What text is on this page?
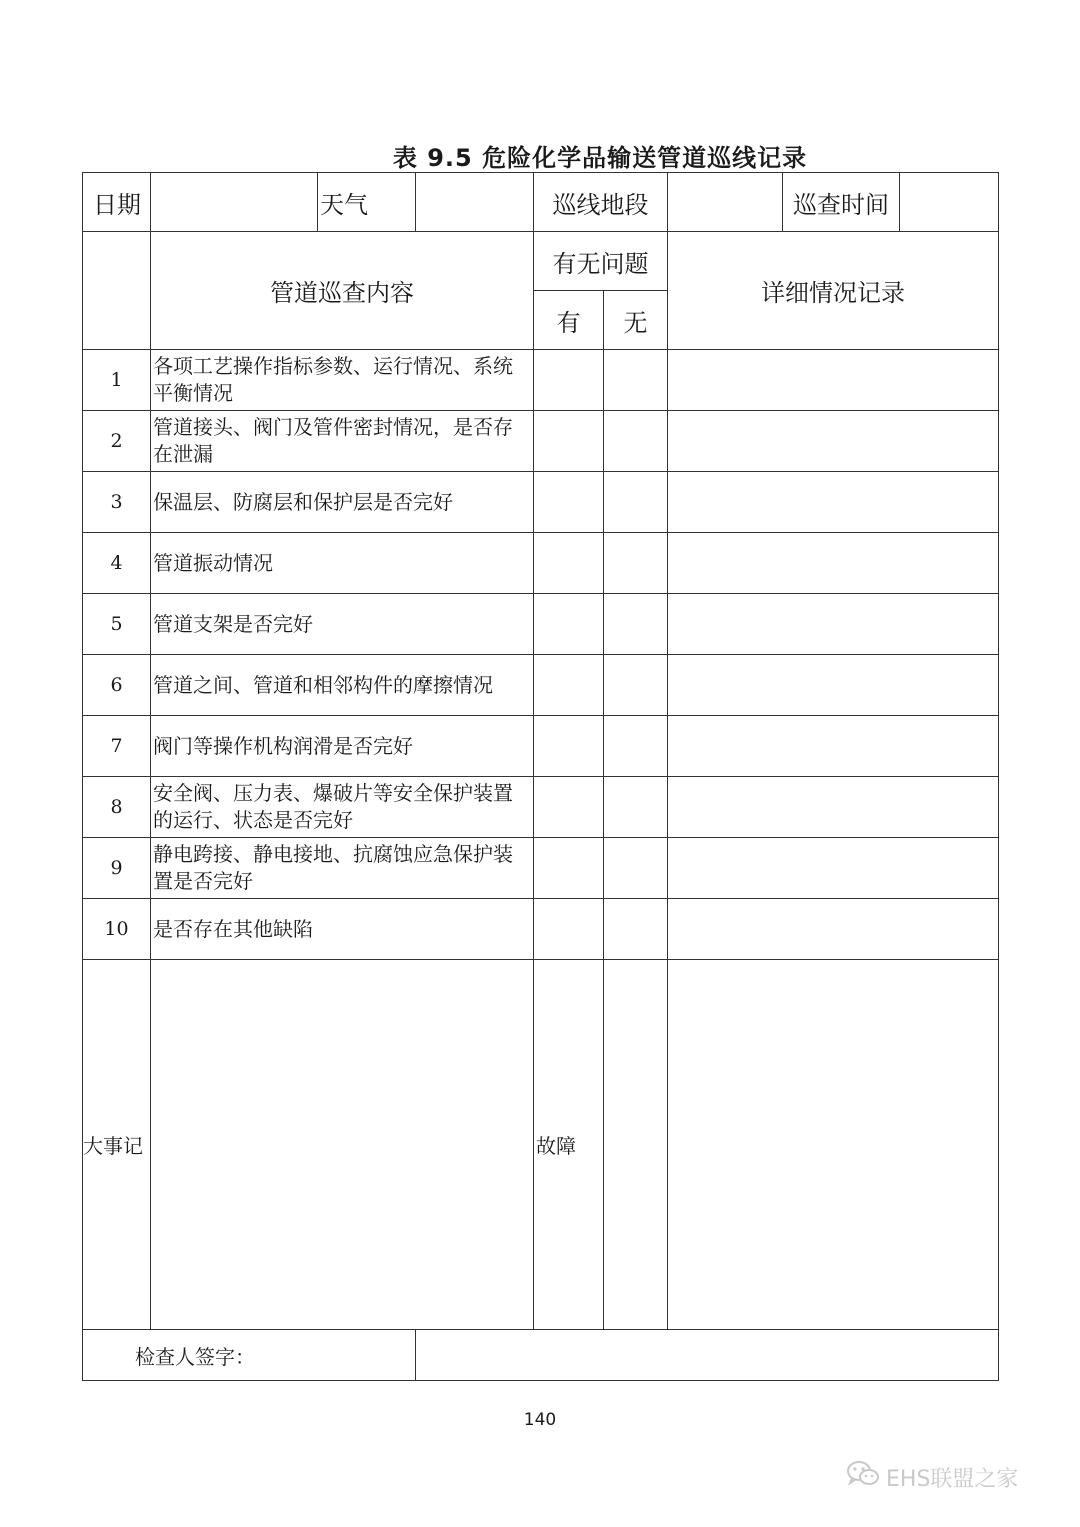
表 9.5 危险化学品输送管道巡线记录
日期		天气		巡线地段			巡查时间	
	管道巡查内容			有无问题		详细情况记录		
				有	无			
1	各项工艺操作指标参数、运行情况、系统平衡情况							
2	管道接头、阀门及管件密封情况，是否存在泄漏							
3	保温层、防腐层和保护层是否完好							
4	管道振动情况							
5	管道支架是否完好							
6	管道之间、管道和相邻构件的摩擦情况							
7	阀门等操作机构润滑是否完好							
8	安全阀、压力表、爆破片等安全保护装置的运行、状态是否完好							
9	静电跨接、静电接地、抗腐蚀应急保护装置是否完好							
10	是否存在其他缺陷							
大事记				故障				
检查人签字：								
140
EHS联盟之家
